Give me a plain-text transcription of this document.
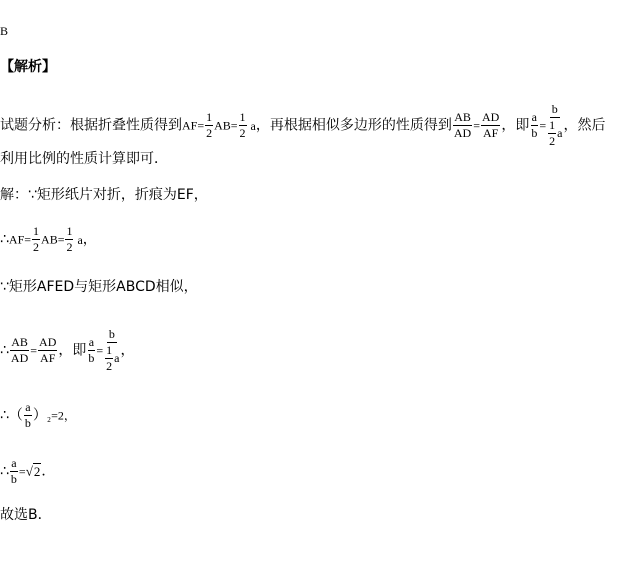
B
【解析】
试题分析：根据折叠性质得到$AF= \frac{1}{2} AB= \frac{1}{2}$ a，再根据相似多边形的性质得到 $\frac{AB}{AD} = \frac{AD}{AF}$ ，即 $\frac{a}{b} = \frac{b}{\frac{1}{2} a}$ ，然后
利用比例的性质计算即可．
解：∵矩形纸片对折，折痕为EF，
∴AF= $\frac{1}{2} AB= \frac{1}{2}$ a，
∵矩形AFED与矩形ABCD相似，
∴ $\frac{AB}{AD} = \frac{AD}{AF}$ ，即 $\frac{a}{b} = \frac{b}{\frac{1}{2} a}$ ，
∴（ $\frac{a}{b} )_2=2$，
∴ $\frac{a}{b} =√2$．
故选B．
